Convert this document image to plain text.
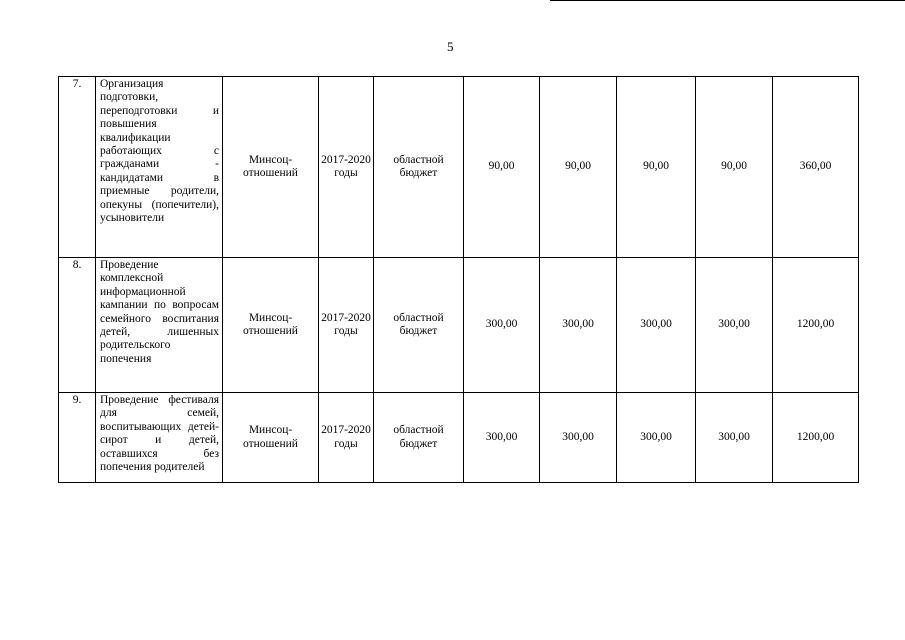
5
7.	Организация подготовки, переподготовки и повышения квалификации работающих с гражданами - кандидатами в приемные родители, опекуны (попечители), усыновители	Минсоц-отношений	2017-2020 годы	областной бюджет	90,00	90,00	90,00	90,00	360,00
8.	Проведение комплексной информационной кампании по вопросам семейного воспитания детей, лишенных родительского попечения	Минсоц-отношений	2017-2020 годы	областной бюджет	300,00	300,00	300,00	300,00	1200,00
9.	Проведение фестиваля для семей, воспитывающих детей-сирот и детей, оставшихся без попечения родителей	Минсоц-отношений	2017-2020 годы	областной бюджет	300,00	300,00	300,00	300,00	1200,00
